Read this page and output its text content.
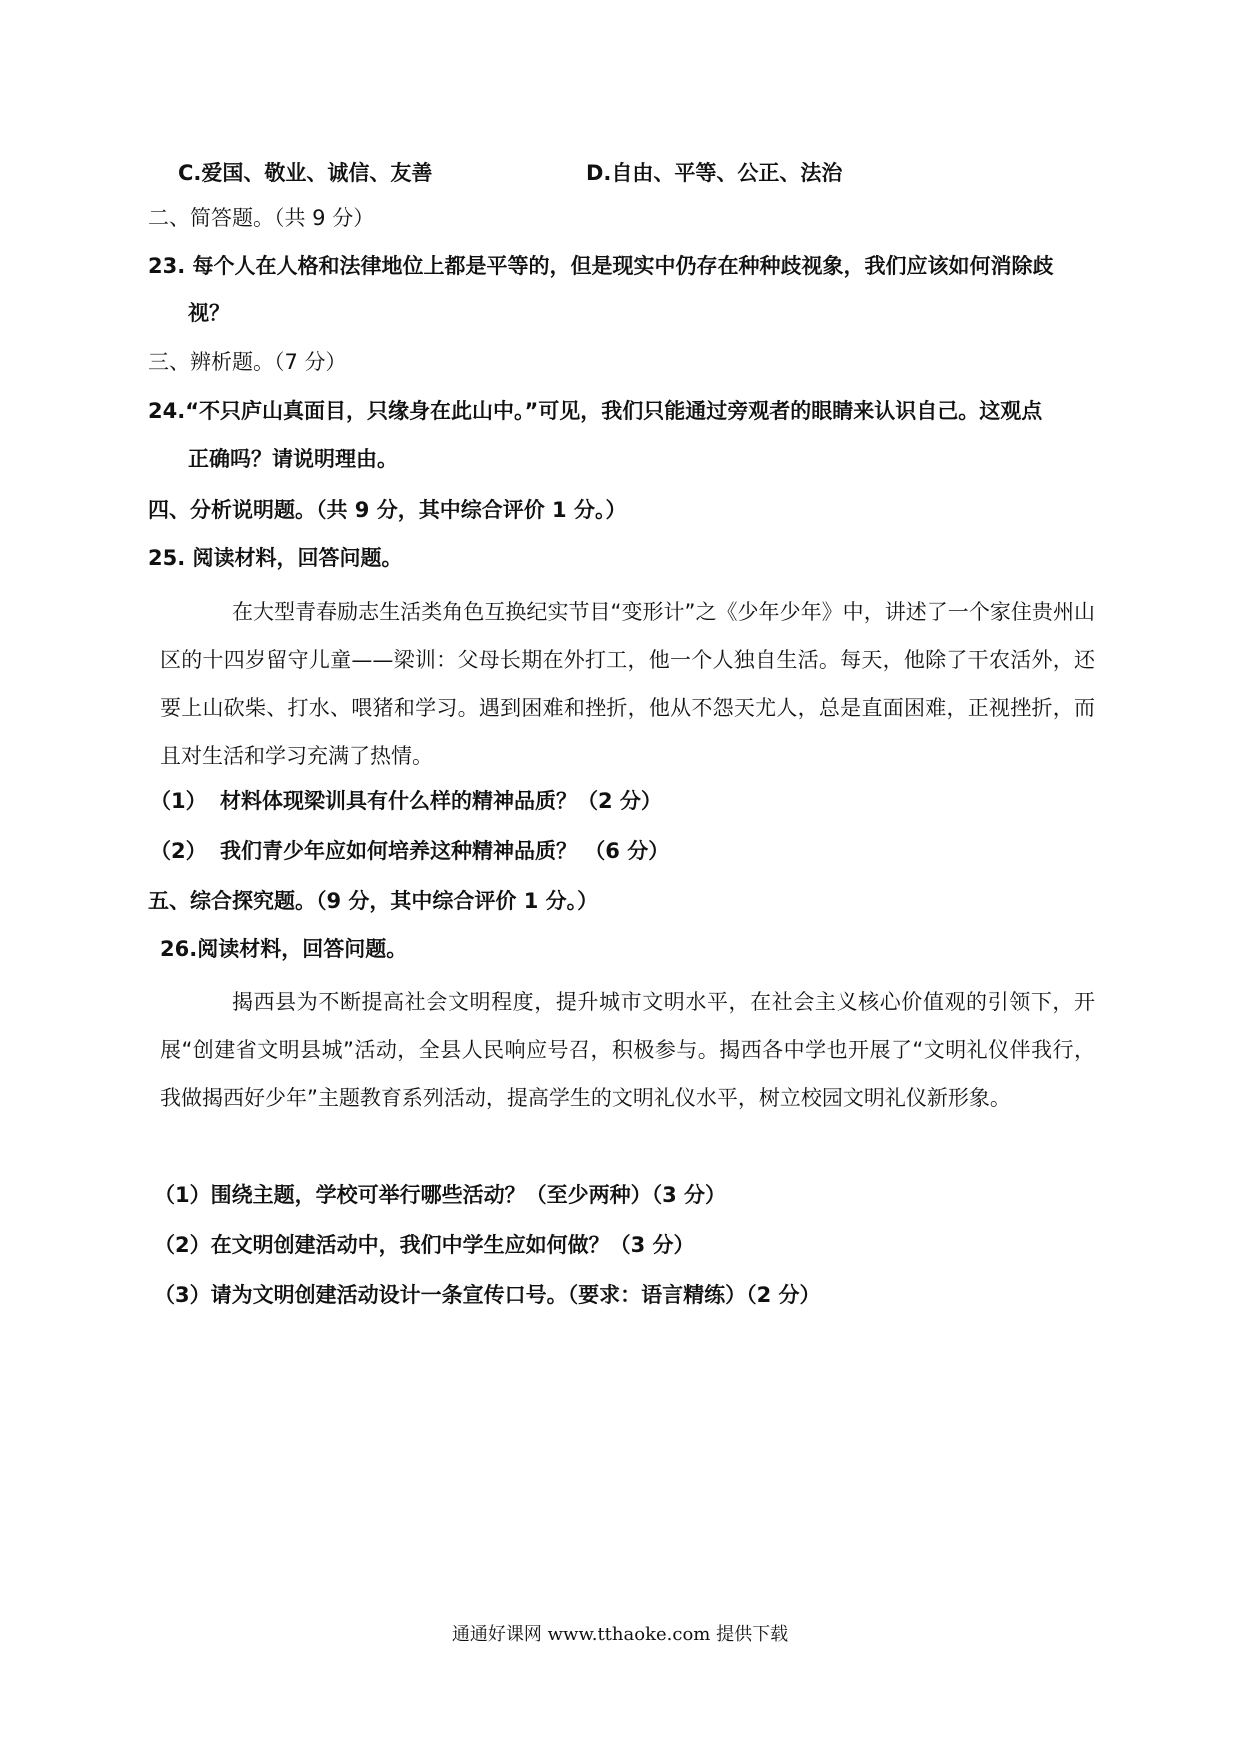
C.爱国、敬业、诚信、友善	D.自由、平等、公正、法治
二、简答题。（共 9 分）
23. 每个人在人格和法律地位上都是平等的，但是现实中仍存在种种歧视象，我们应该如何消除歧
视？
三、辨析题。（7 分）
24.“不只庐山真面目，只缘身在此山中。”可见，我们只能通过旁观者的眼睛来认识自己。这观点
正确吗？请说明理由。
四、分析说明题。（共 9 分，其中综合评价 1 分。）
25. 阅读材料，回答问题。
在大型青春励志生活类角色互换纪实节目“变形计”之《少年少年》中，讲述了一个家住贵州山区的十四岁留守儿童——梁训：父母长期在外打工，他一个人独自生活。每天，他除了干农活外，还要上山砍柴、打水、喂猪和学习。遇到困难和挫折，他从不怨天尤人，总是直面困难，正视挫折，而且对生活和学习充满了热情。
（1） 材料体现梁训具有什么样的精神品质？（2 分）
（2） 我们青少年应如何培养这种精神品质？ （6 分）
五、综合探究题。（9 分，其中综合评价 1 分。）
26.阅读材料，回答问题。
揭西县为不断提高社会文明程度，提升城市文明水平，在社会主义核心价值观的引领下，开展“创建省文明县城”活动，全县人民响应号召，积极参与。揭西各中学也开展了“文明礼仪伴我行，我做揭西好少年”主题教育系列活动，提高学生的文明礼仪水平，树立校园文明礼仪新形象。
（1）围绕主题，学校可举行哪些活动？（至少两种）（3 分）
（2）在文明创建活动中，我们中学生应如何做？（3 分）
（3）请为文明创建活动设计一条宣传口号。（要求：语言精练）（2 分）
通通好课网 www.tthaoke.com 提供下载
